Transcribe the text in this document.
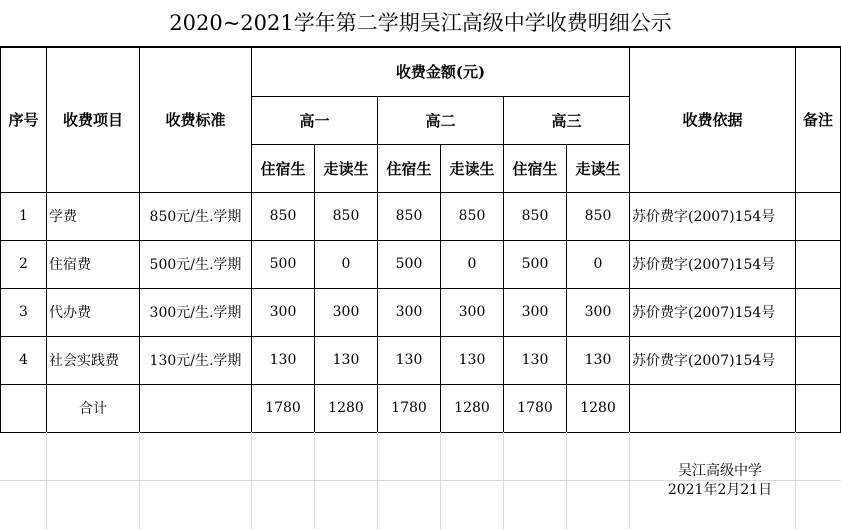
2020~2021学年第二学期吴江高级中学收费明细公示
序号	收费项目	收费标准	收费金额(元)						收费依据	备注
			高一		高二		高三			
			住宿生	走读生	住宿生	走读生	住宿生	走读生		
1	学费	850元/生.学期	850	850	850	850	850	850	苏价费字(2007)154号	
2	住宿费	500元/生.学期	500	0	500	0	500	0	苏价费字(2007)154号	
3	代办费	300元/生.学期	300	300	300	300	300	300	苏价费字(2007)154号	
4	社会实践费	130元/生.学期	130	130	130	130	130	130	苏价费字(2007)154号	
	合计		1780	1280	1780	1280	1780	1280		
吴江高级中学
2021年2月21日
